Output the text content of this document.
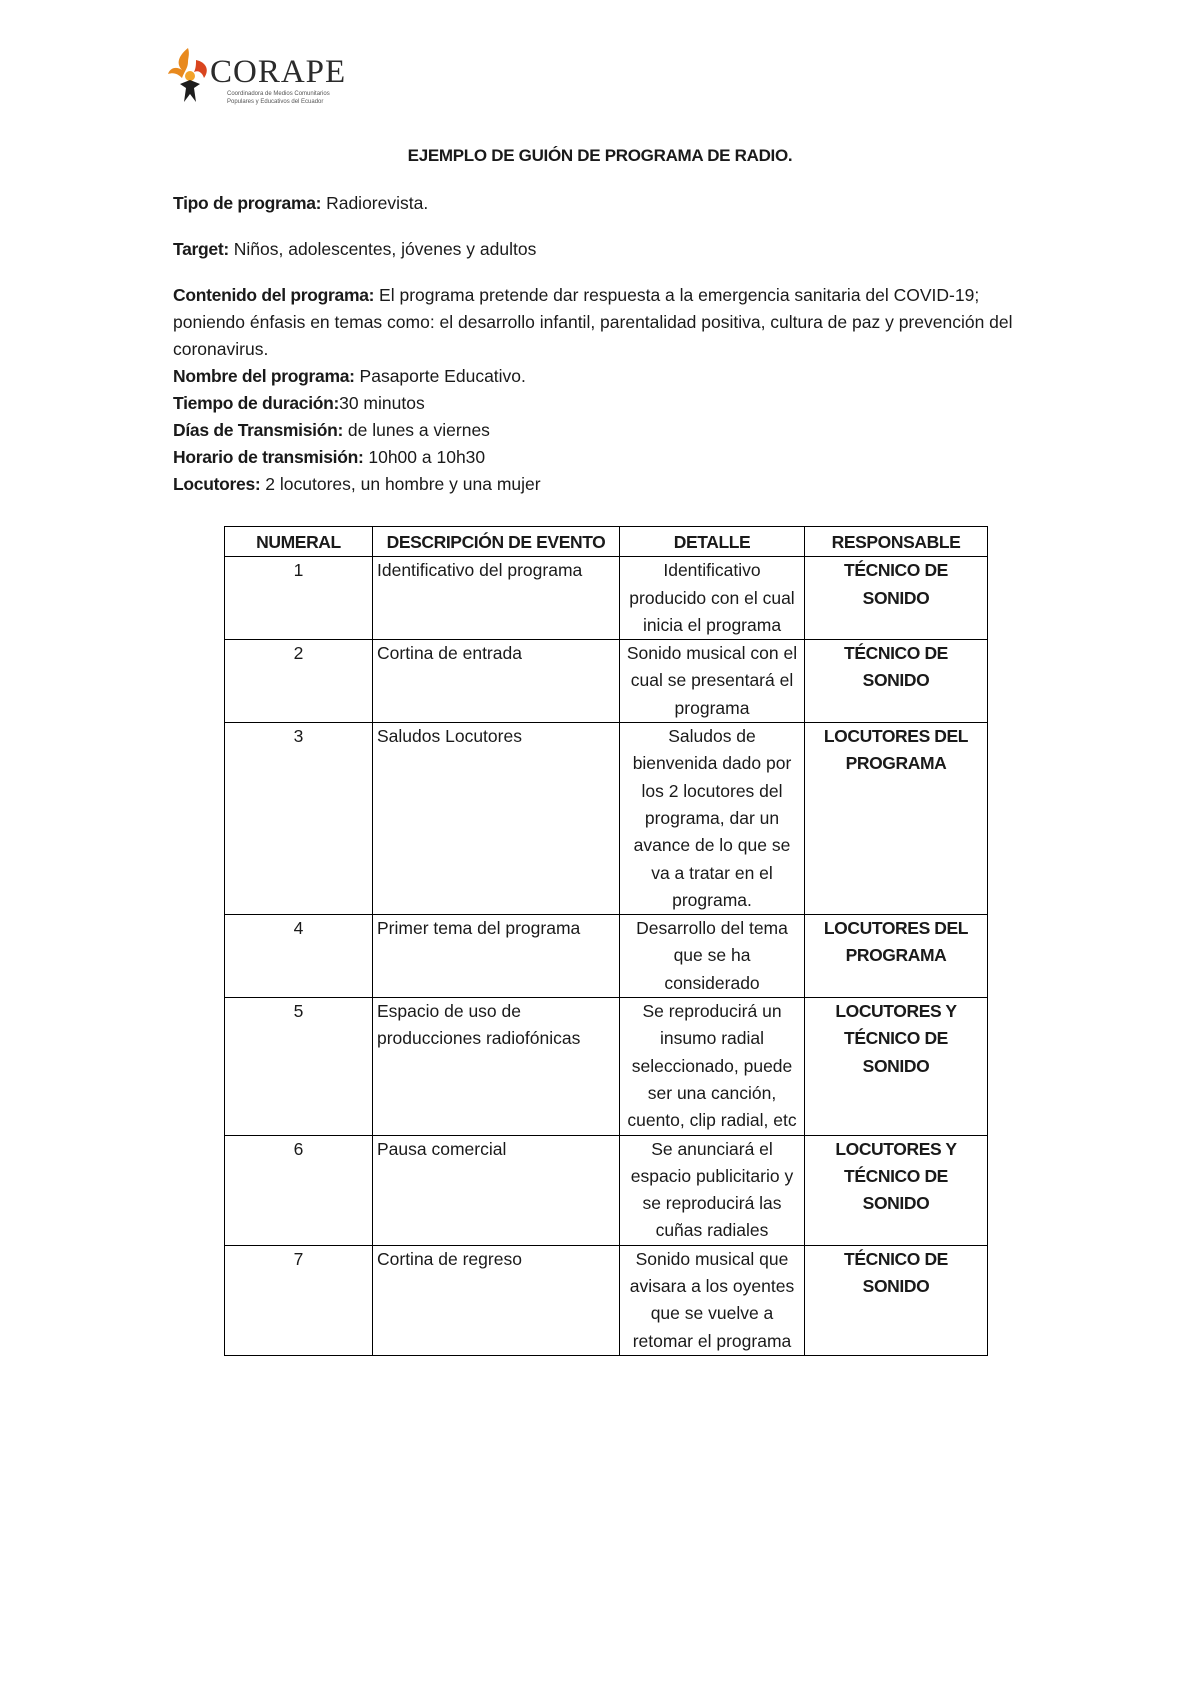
CORAPE
Coordinadora de Medios Comunitarios Populares y Educativos del Ecuador
EJEMPLO DE GUIÓN DE PROGRAMA DE RADIO.
Tipo de programa: Radiorevista.
Target: Niños, adolescentes, jóvenes y adultos
Contenido del programa: El programa pretende dar respuesta a la emergencia sanitaria del COVID-19; poniendo énfasis en temas como: el desarrollo infantil, parentalidad positiva, cultura de paz y prevención del coronavirus.
Nombre del programa: Pasaporte Educativo.
Tiempo de duración:30 minutos
Días de Transmisión: de lunes a viernes
Horario de transmisión: 10h00 a 10h30
Locutores: 2 locutores, un hombre y una mujer
NUMERAL	DESCRIPCIÓN DE EVENTO	DETALLE	RESPONSABLE
1	Identificativo del programa	Identificativo producido con el cual inicia el programa	TÉCNICO DE SONIDO
2	Cortina de entrada	Sonido musical con el cual se presentará el programa	TÉCNICO DE SONIDO
3	Saludos Locutores	Saludos de bienvenida dado por los 2 locutores del programa, dar un avance de lo que se va a tratar en el programa.	LOCUTORES DEL PROGRAMA
4	Primer tema del programa	Desarrollo del tema que se ha considerado	LOCUTORES DEL PROGRAMA
5	Espacio de uso de producciones radiofónicas	Se reproducirá un insumo radial seleccionado, puede ser una canción, cuento, clip radial, etc	LOCUTORES Y TÉCNICO DE SONIDO
6	Pausa comercial	Se anunciará el espacio publicitario y se reproducirá las cuñas radiales	LOCUTORES Y TÉCNICO DE SONIDO
7	Cortina de regreso	Sonido musical que avisara a los oyentes que se vuelve a retomar el programa	TÉCNICO DE SONIDO
